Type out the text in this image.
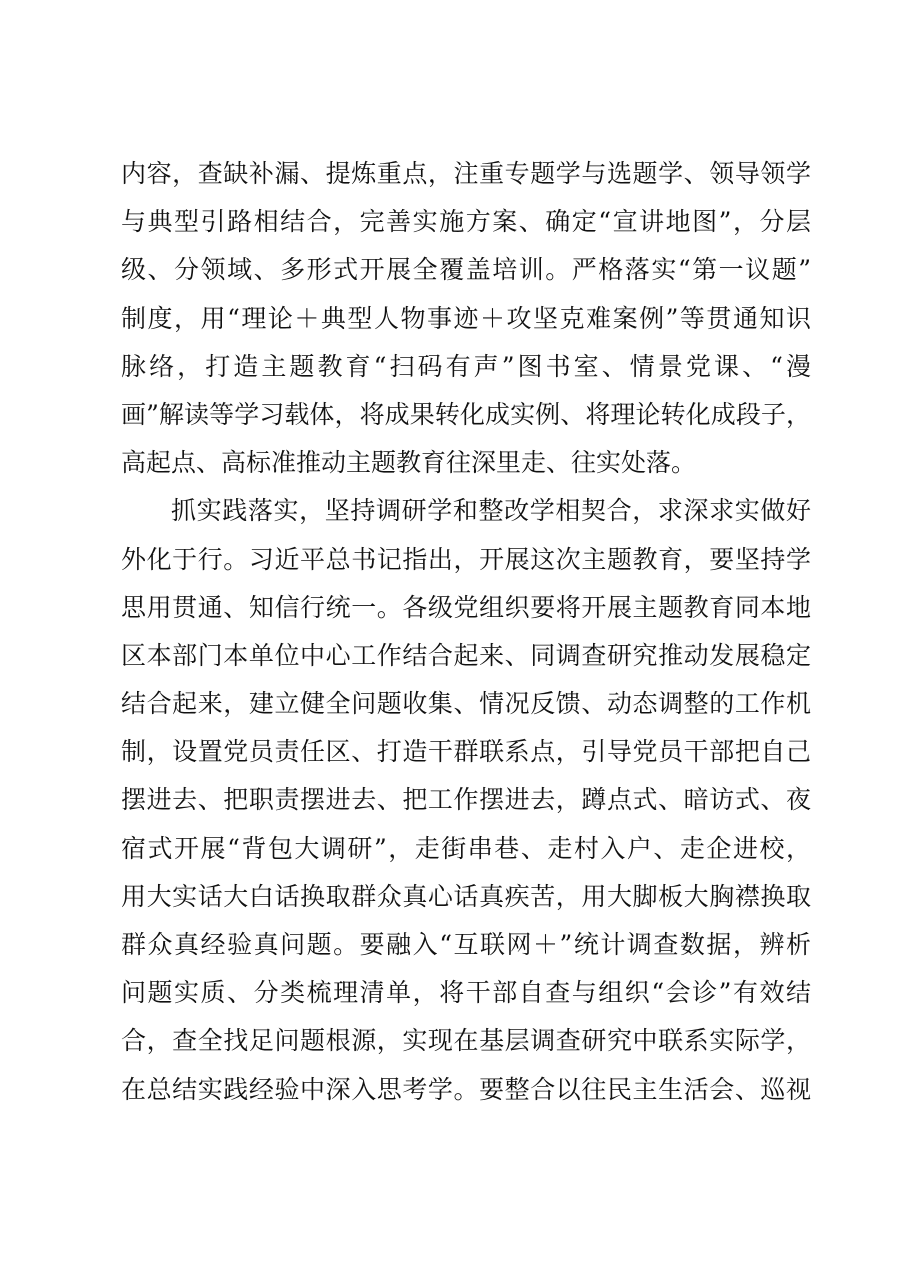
内容，查缺补漏、提炼重点，注重专题学与选题学、领导领学
与典型引路相结合，完善实施方案、确定“宣讲地图”，分层
级、分领域、多形式开展全覆盖培训。严格落实“第一议题”
制度，用“理论＋典型人物事迹＋攻坚克难案例”等贯通知识
脉络，打造主题教育“扫码有声”图书室、情景党课、“漫
画”解读等学习载体，将成果转化成实例、将理论转化成段子，
高起点、高标准推动主题教育往深里走、往实处落。
抓实践落实，坚持调研学和整改学相契合，求深求实做好
外化于行。习近平总书记指出，开展这次主题教育，要坚持学
思用贯通、知信行统一。各级党组织要将开展主题教育同本地
区本部门本单位中心工作结合起来、同调查研究推动发展稳定
结合起来，建立健全问题收集、情况反馈、动态调整的工作机
制，设置党员责任区、打造干群联系点，引导党员干部把自己
摆进去、把职责摆进去、把工作摆进去，蹲点式、暗访式、夜
宿式开展“背包大调研”，走街串巷、走村入户、走企进校，
用大实话大白话换取群众真心话真疾苦，用大脚板大胸襟换取
群众真经验真问题。要融入“互联网＋”统计调查数据，辨析
问题实质、分类梳理清单，将干部自查与组织“会诊”有效结
合，查全找足问题根源，实现在基层调查研究中联系实际学，
在总结实践经验中深入思考学。要整合以往民主生活会、巡视
